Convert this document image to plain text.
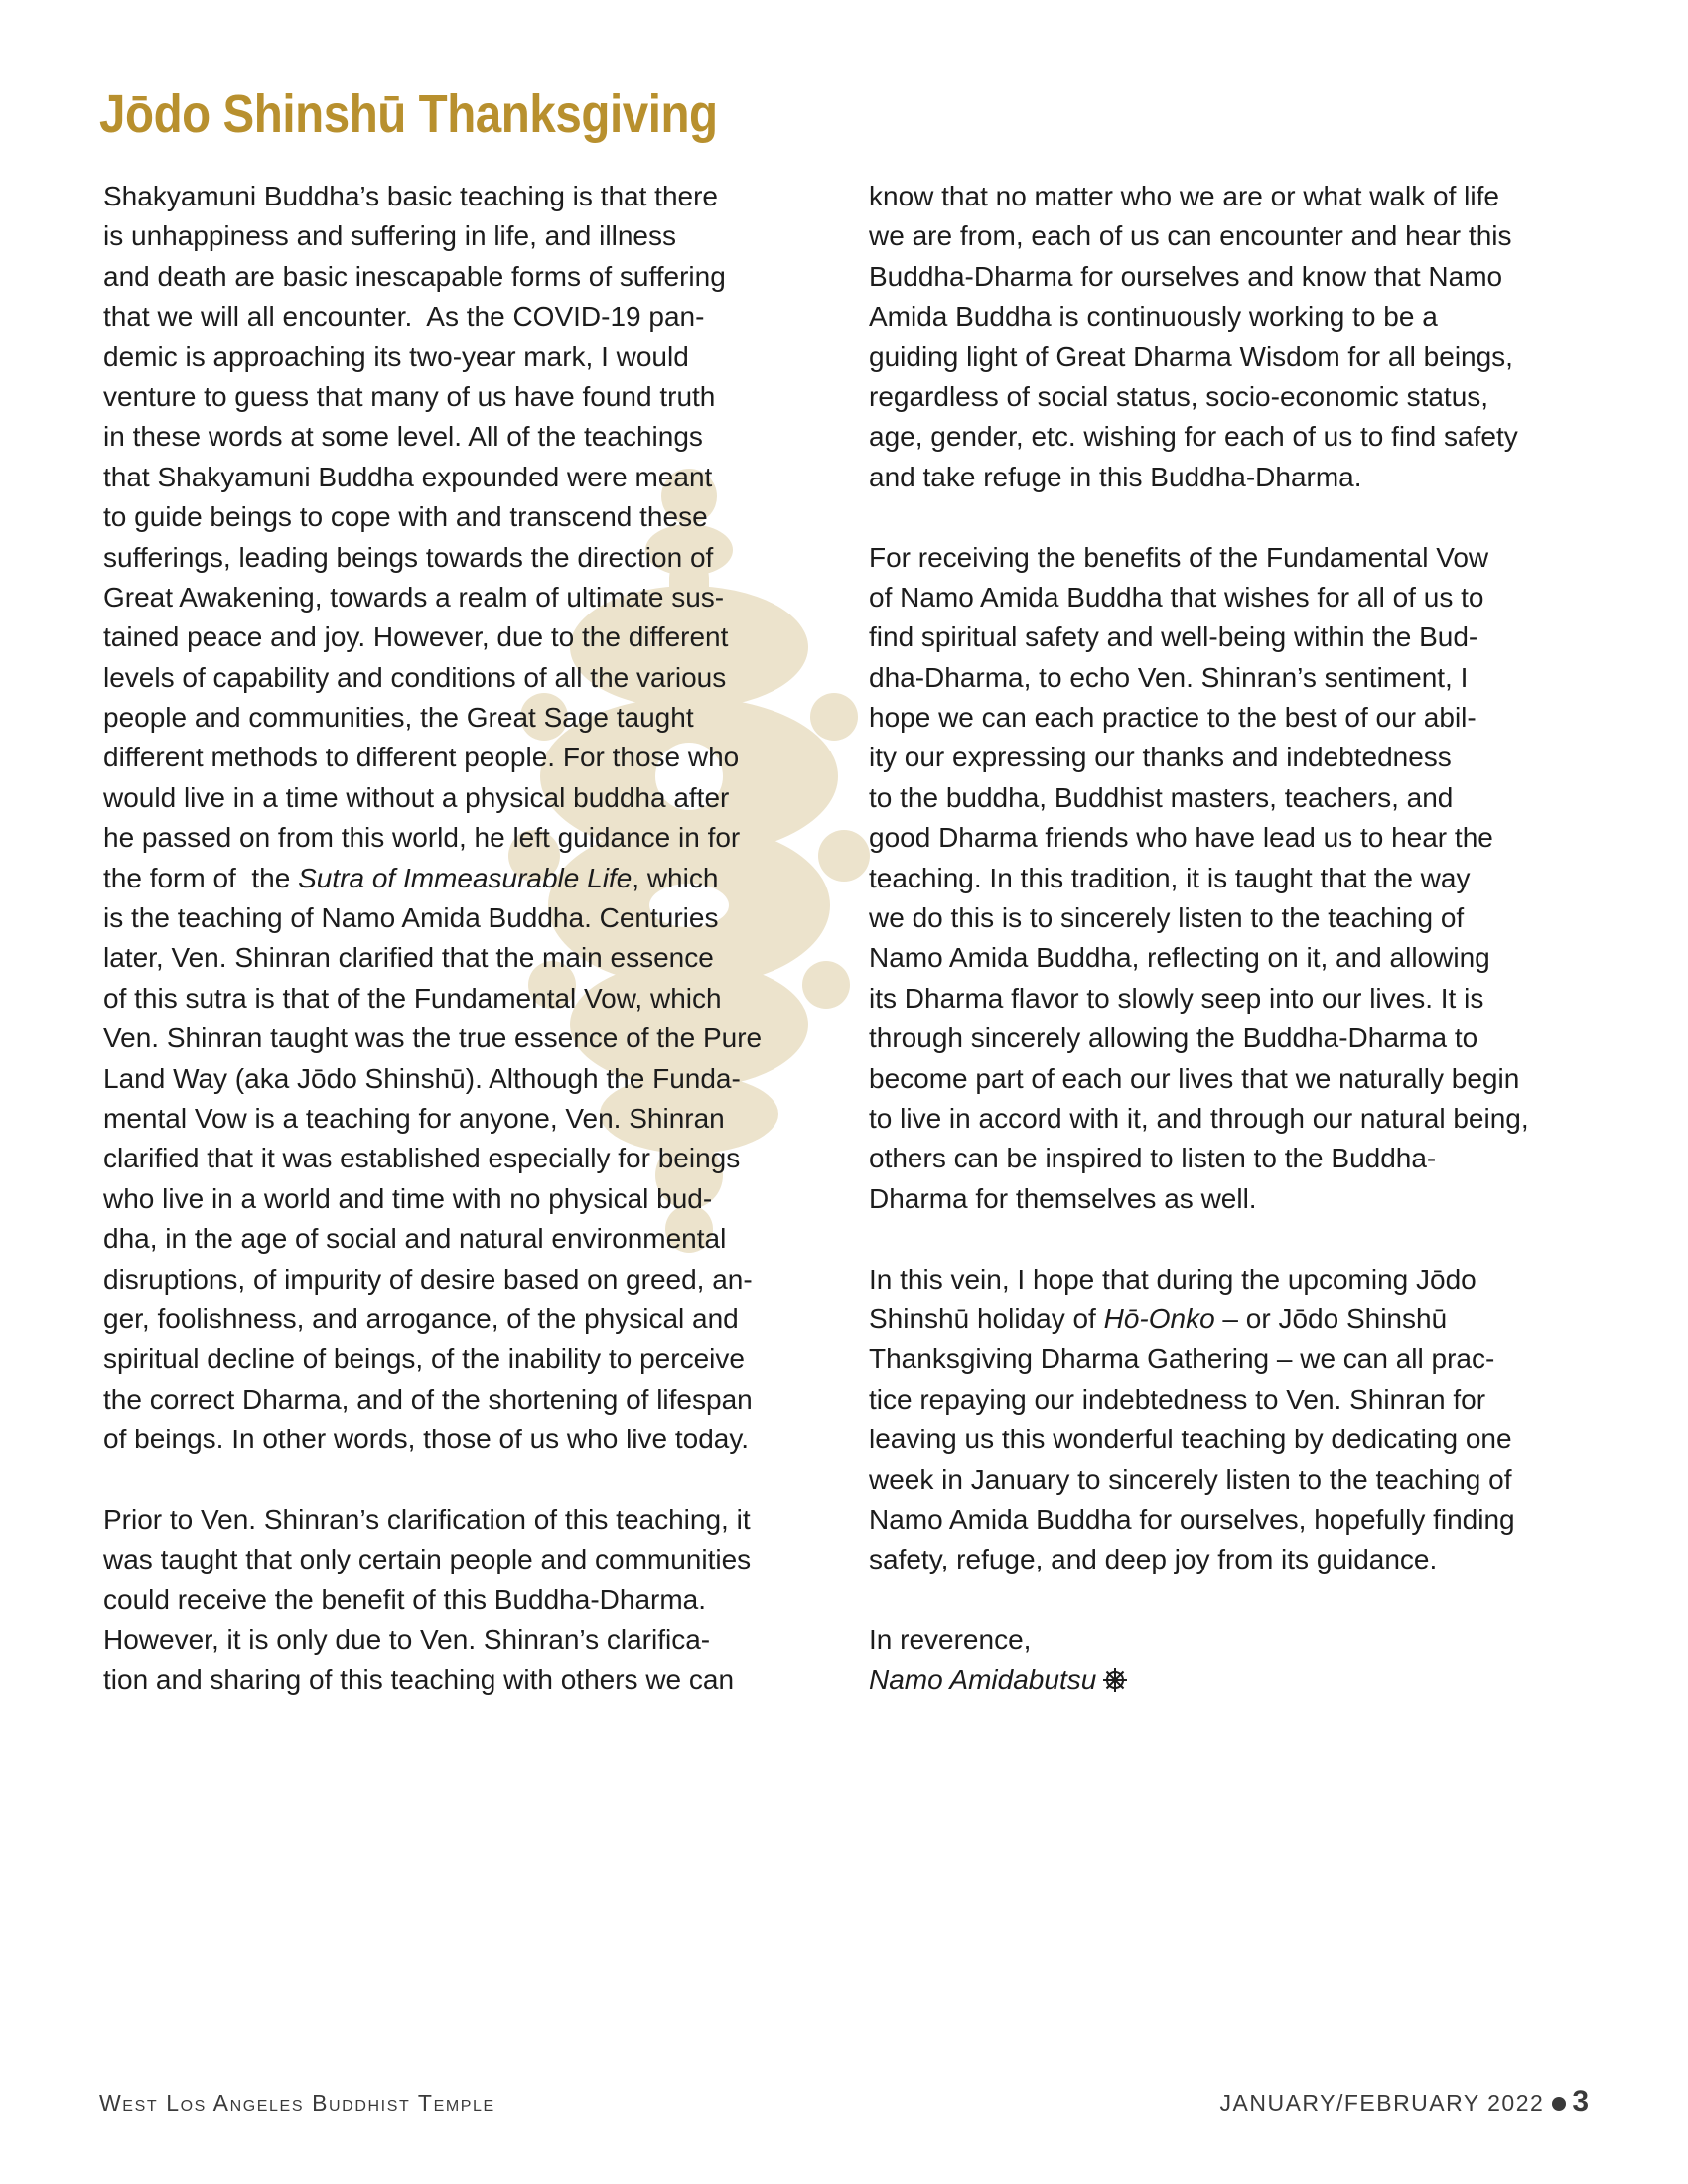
Jōdo Shinshū Thanksgiving
Shakyamuni Buddha’s basic teaching is that there
is unhappiness and suffering in life, and illness
and death are basic inescapable forms of suffering
that we will all encounter.  As the COVID-19 pan-
demic is approaching its two-year mark, I would
venture to guess that many of us have found truth
in these words at some level. All of the teachings
that Shakyamuni Buddha expounded were meant
to guide beings to cope with and transcend these
sufferings, leading beings towards the direction of
Great Awakening, towards a realm of ultimate sus-
tained peace and joy. However, due to the different
levels of capability and conditions of all the various
people and communities, the Great Sage taught
different methods to different people. For those who
would live in a time without a physical buddha after
he passed on from this world, he left guidance in for
the form of  the Sutra of Immeasurable Life, which
is the teaching of Namo Amida Buddha. Centuries
later, Ven. Shinran clarified that the main essence
of this sutra is that of the Fundamental Vow, which
Ven. Shinran taught was the true essence of the Pure
Land Way (aka Jōdo Shinshū). Although the Funda-
mental Vow is a teaching for anyone, Ven. Shinran
clarified that it was established especially for beings
who live in a world and time with no physical bud-
dha, in the age of social and natural environmental
disruptions, of impurity of desire based on greed, an-
ger, foolishness, and arrogance, of the physical and
spiritual decline of beings, of the inability to perceive
the correct Dharma, and of the shortening of lifespan
of beings. In other words, those of us who live today.
Prior to Ven. Shinran’s clarification of this teaching, it
was taught that only certain people and communities
could receive the benefit of this Buddha-Dharma.
However, it is only due to Ven. Shinran’s clarifica-
tion and sharing of this teaching with others we can
know that no matter who we are or what walk of life
we are from, each of us can encounter and hear this
Buddha-Dharma for ourselves and know that Namo
Amida Buddha is continuously working to be a
guiding light of Great Dharma Wisdom for all beings,
regardless of social status, socio-economic status,
age, gender, etc. wishing for each of us to find safety
and take refuge in this Buddha-Dharma.
For receiving the benefits of the Fundamental Vow
of Namo Amida Buddha that wishes for all of us to
find spiritual safety and well-being within the Bud-
dha-Dharma, to echo Ven. Shinran’s sentiment, I
hope we can each practice to the best of our abil-
ity our expressing our thanks and indebtedness
to the buddha, Buddhist masters, teachers, and
good Dharma friends who have lead us to hear the
teaching. In this tradition, it is taught that the way
we do this is to sincerely listen to the teaching of
Namo Amida Buddha, reflecting on it, and allowing
its Dharma flavor to slowly seep into our lives. It is
through sincerely allowing the Buddha-Dharma to
become part of each our lives that we naturally begin
to live in accord with it, and through our natural being,
others can be inspired to listen to the Buddha-
Dharma for themselves as well.
In this vein, I hope that during the upcoming Jōdo
Shinshū holiday of Hō-Onko – or Jōdo Shinshū
Thanksgiving Dharma Gathering – we can all prac-
tice repaying our indebtedness to Ven. Shinran for
leaving us this wonderful teaching by dedicating one
week in January to sincerely listen to the teaching of
Namo Amida Buddha for ourselves, hopefully finding
safety, refuge, and deep joy from its guidance.
In reverence,
Namo Amidabutsu
West Los Angeles Buddhist Temple	JANUARY/FEBRUARY 2022 3
